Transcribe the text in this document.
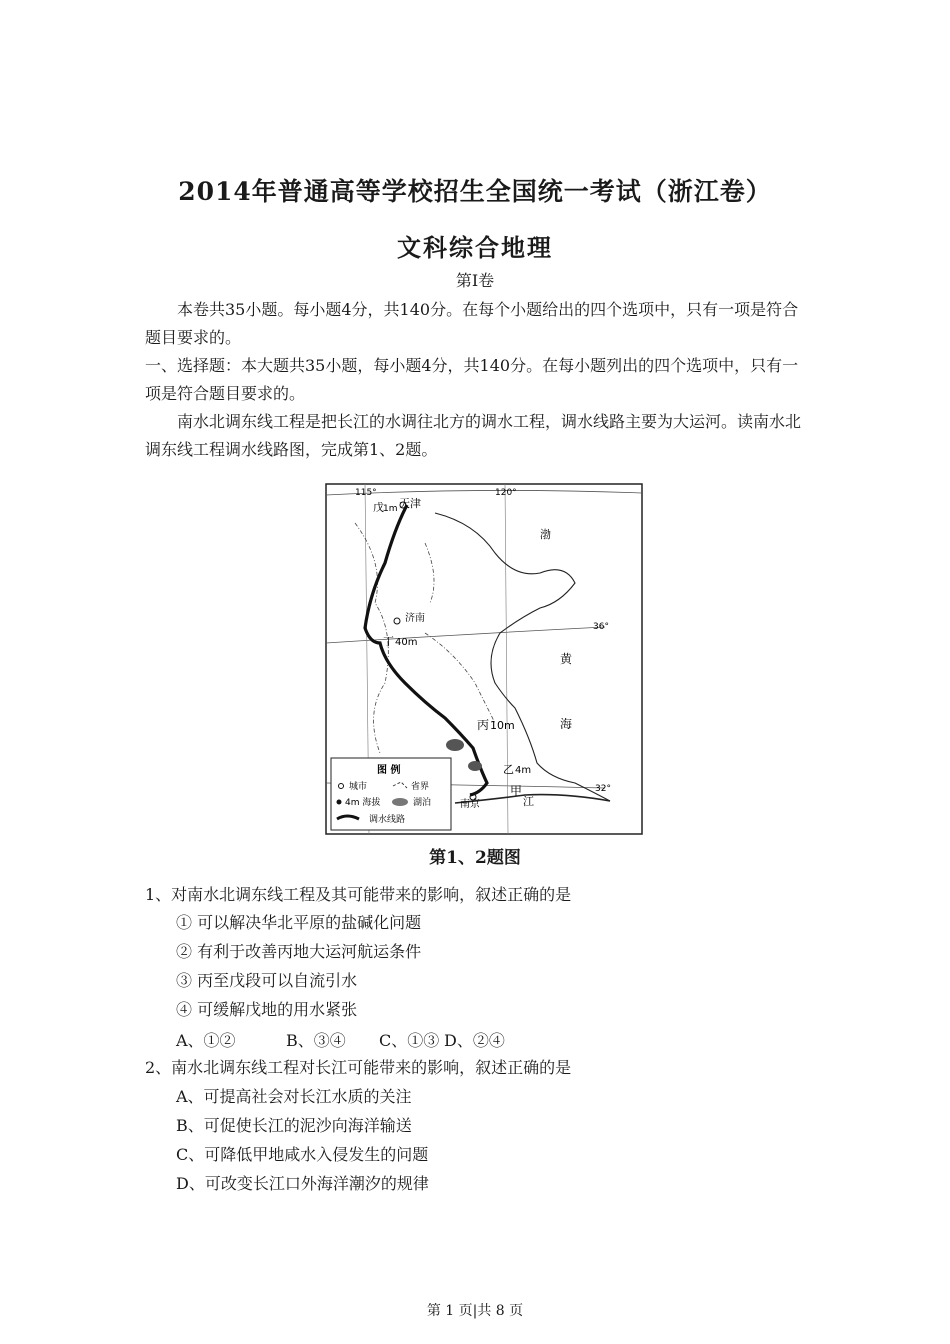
2014年普通高等学校招生全国统一考试（浙江卷）
文科综合地理
第Ⅰ卷
本卷共35小题。每小题4分，共140分。在每个小题给出的四个选项中，只有一项是符合题目要求的。
一、选择题：本大题共35小题，每小题4分，共140分。在每小题列出的四个选项中，只有一项是符合题目要求的。
南水北调东线工程是把长江的水调往北方的调水工程，调水线路主要为大运河。读南水北调东线工程调水线路图，完成第1、2题。
115°	120°
36°
32°
天津
戊 1m
济南
丁 40m
丙 10m
乙 4m
甲
南京
黄
海
渤
江
图 例
城市	省界
4m 海拔	湖泊
调水线路
第1、2题图
1、对南水北调东线工程及其可能带来的影响，叙述正确的是
① 可以解决华北平原的盐碱化问题
② 有利于改善丙地大运河航运条件
③ 丙至戊段可以自流引水
④ 可缓解戊地的用水紧张
A、①②	B、③④ C、①③ D、②④
2、南水北调东线工程对长江可能带来的影响，叙述正确的是
A、可提高社会对长江水质的关注
B、可促使长江的泥沙向海洋输送
C、可降低甲地咸水入侵发生的问题
D、可改变长江口外海洋潮汐的规律
第 1 页|共 8 页
